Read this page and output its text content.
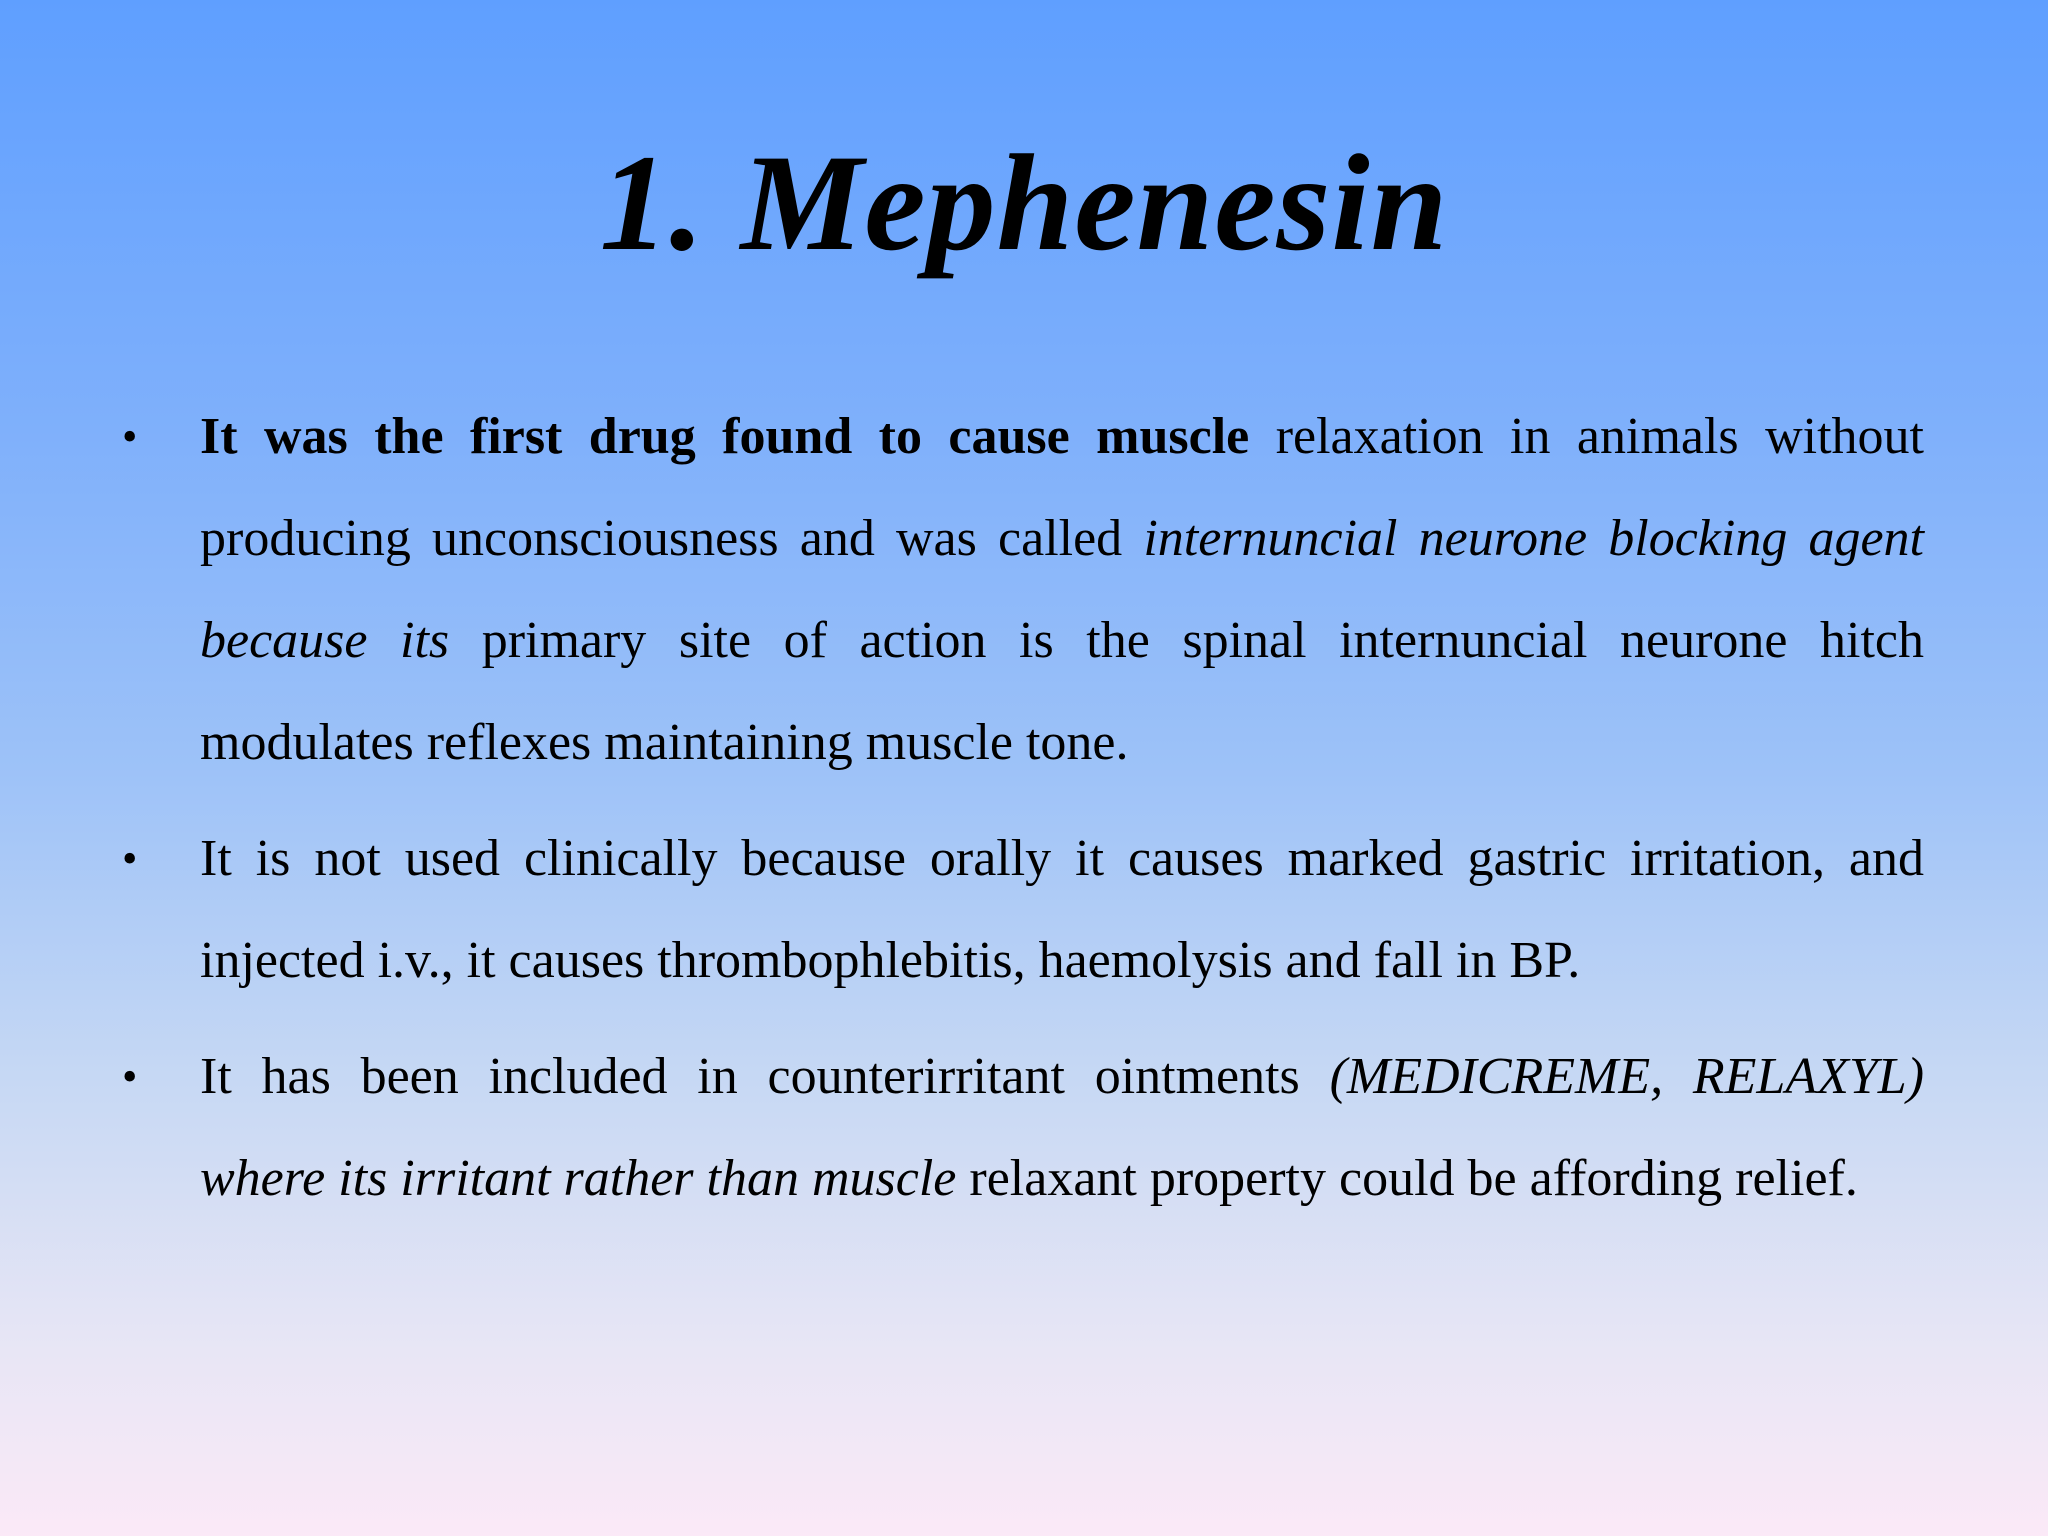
1. Mephenesin
• It was the first drug found to cause muscle relaxation in animals without producing unconsciousness and was called internuncial neurone blocking agent because its primary site of action is the spinal internuncial neurone hitch modulates reflexes maintaining muscle tone.
• It is not used clinically because orally it causes marked gastric irritation, and injected i.v., it causes thrombophlebitis, haemolysis and fall in BP.
• It has been included in counterirritant ointments (MEDICREME, RELAXYL) where its irritant rather than muscle relaxant property could be affording relief.
